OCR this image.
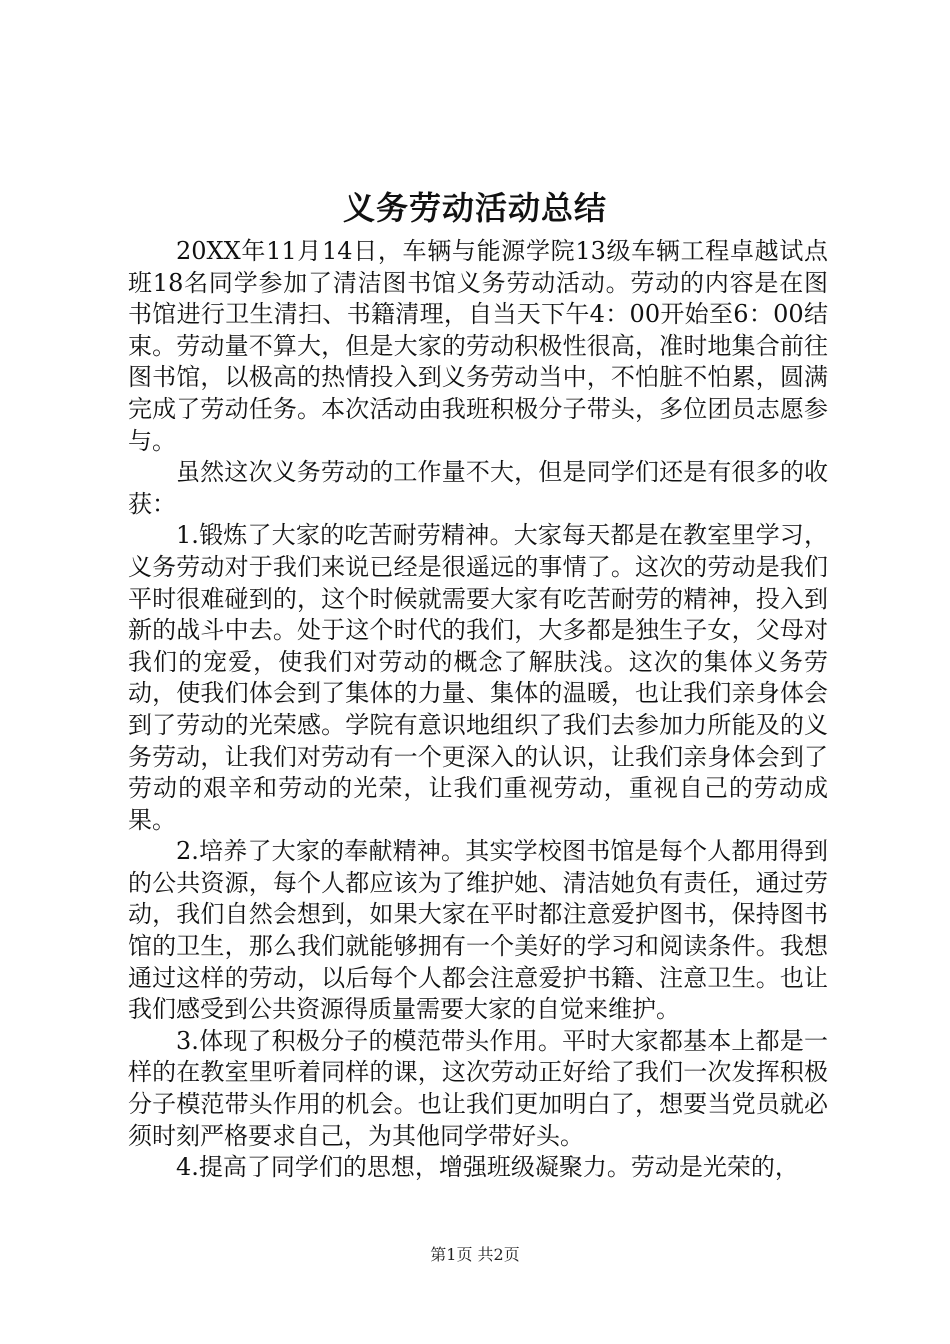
义务劳动活动总结

20XX年11月14日，车辆与能源学院13级车辆工程卓越试点班18名同学参加了清洁图书馆义务劳动活动。劳动的内容是在图书馆进行卫生清扫、书籍清理，自当天下午4：00开始至6：00结束。劳动量不算大，但是大家的劳动积极性很高，准时地集合前往图书馆，以极高的热情投入到义务劳动当中，不怕脏不怕累，圆满完成了劳动任务。本次活动由我班积极分子带头，多位团员志愿参与。

虽然这次义务劳动的工作量不大，但是同学们还是有很多的收获：

1.锻炼了大家的吃苦耐劳精神。大家每天都是在教室里学习，义务劳动对于我们来说已经是很遥远的事情了。这次的劳动是我们平时很难碰到的，这个时候就需要大家有吃苦耐劳的精神，投入到新的战斗中去。处于这个时代的我们，大多都是独生子女，父母对我们的宠爱，使我们对劳动的概念了解肤浅。这次的集体义务劳动，使我们体会到了集体的力量、集体的温暖，也让我们亲身体会到了劳动的光荣感。学院有意识地组织了我们去参加力所能及的义务劳动，让我们对劳动有一个更深入的认识，让我们亲身体会到了劳动的艰辛和劳动的光荣，让我们重视劳动，重视自己的劳动成果。

2.培养了大家的奉献精神。其实学校图书馆是每个人都用得到的公共资源，每个人都应该为了维护她、清洁她负有责任，通过劳动，我们自然会想到，如果大家在平时都注意爱护图书，保持图书馆的卫生，那么我们就能够拥有一个美好的学习和阅读条件。我想通过这样的劳动，以后每个人都会注意爱护书籍、注意卫生。也让我们感受到公共资源得质量需要大家的自觉来维护。

3.体现了积极分子的模范带头作用。平时大家都基本上都是一样的在教室里听着同样的课，这次劳动正好给了我们一次发挥积极分子模范带头作用的机会。也让我们更加明白了，想要当党员就必须时刻严格要求自己，为其他同学带好头。

4.提高了同学们的思想，增强班级凝聚力。劳动是光荣的，

第1页 共2页
